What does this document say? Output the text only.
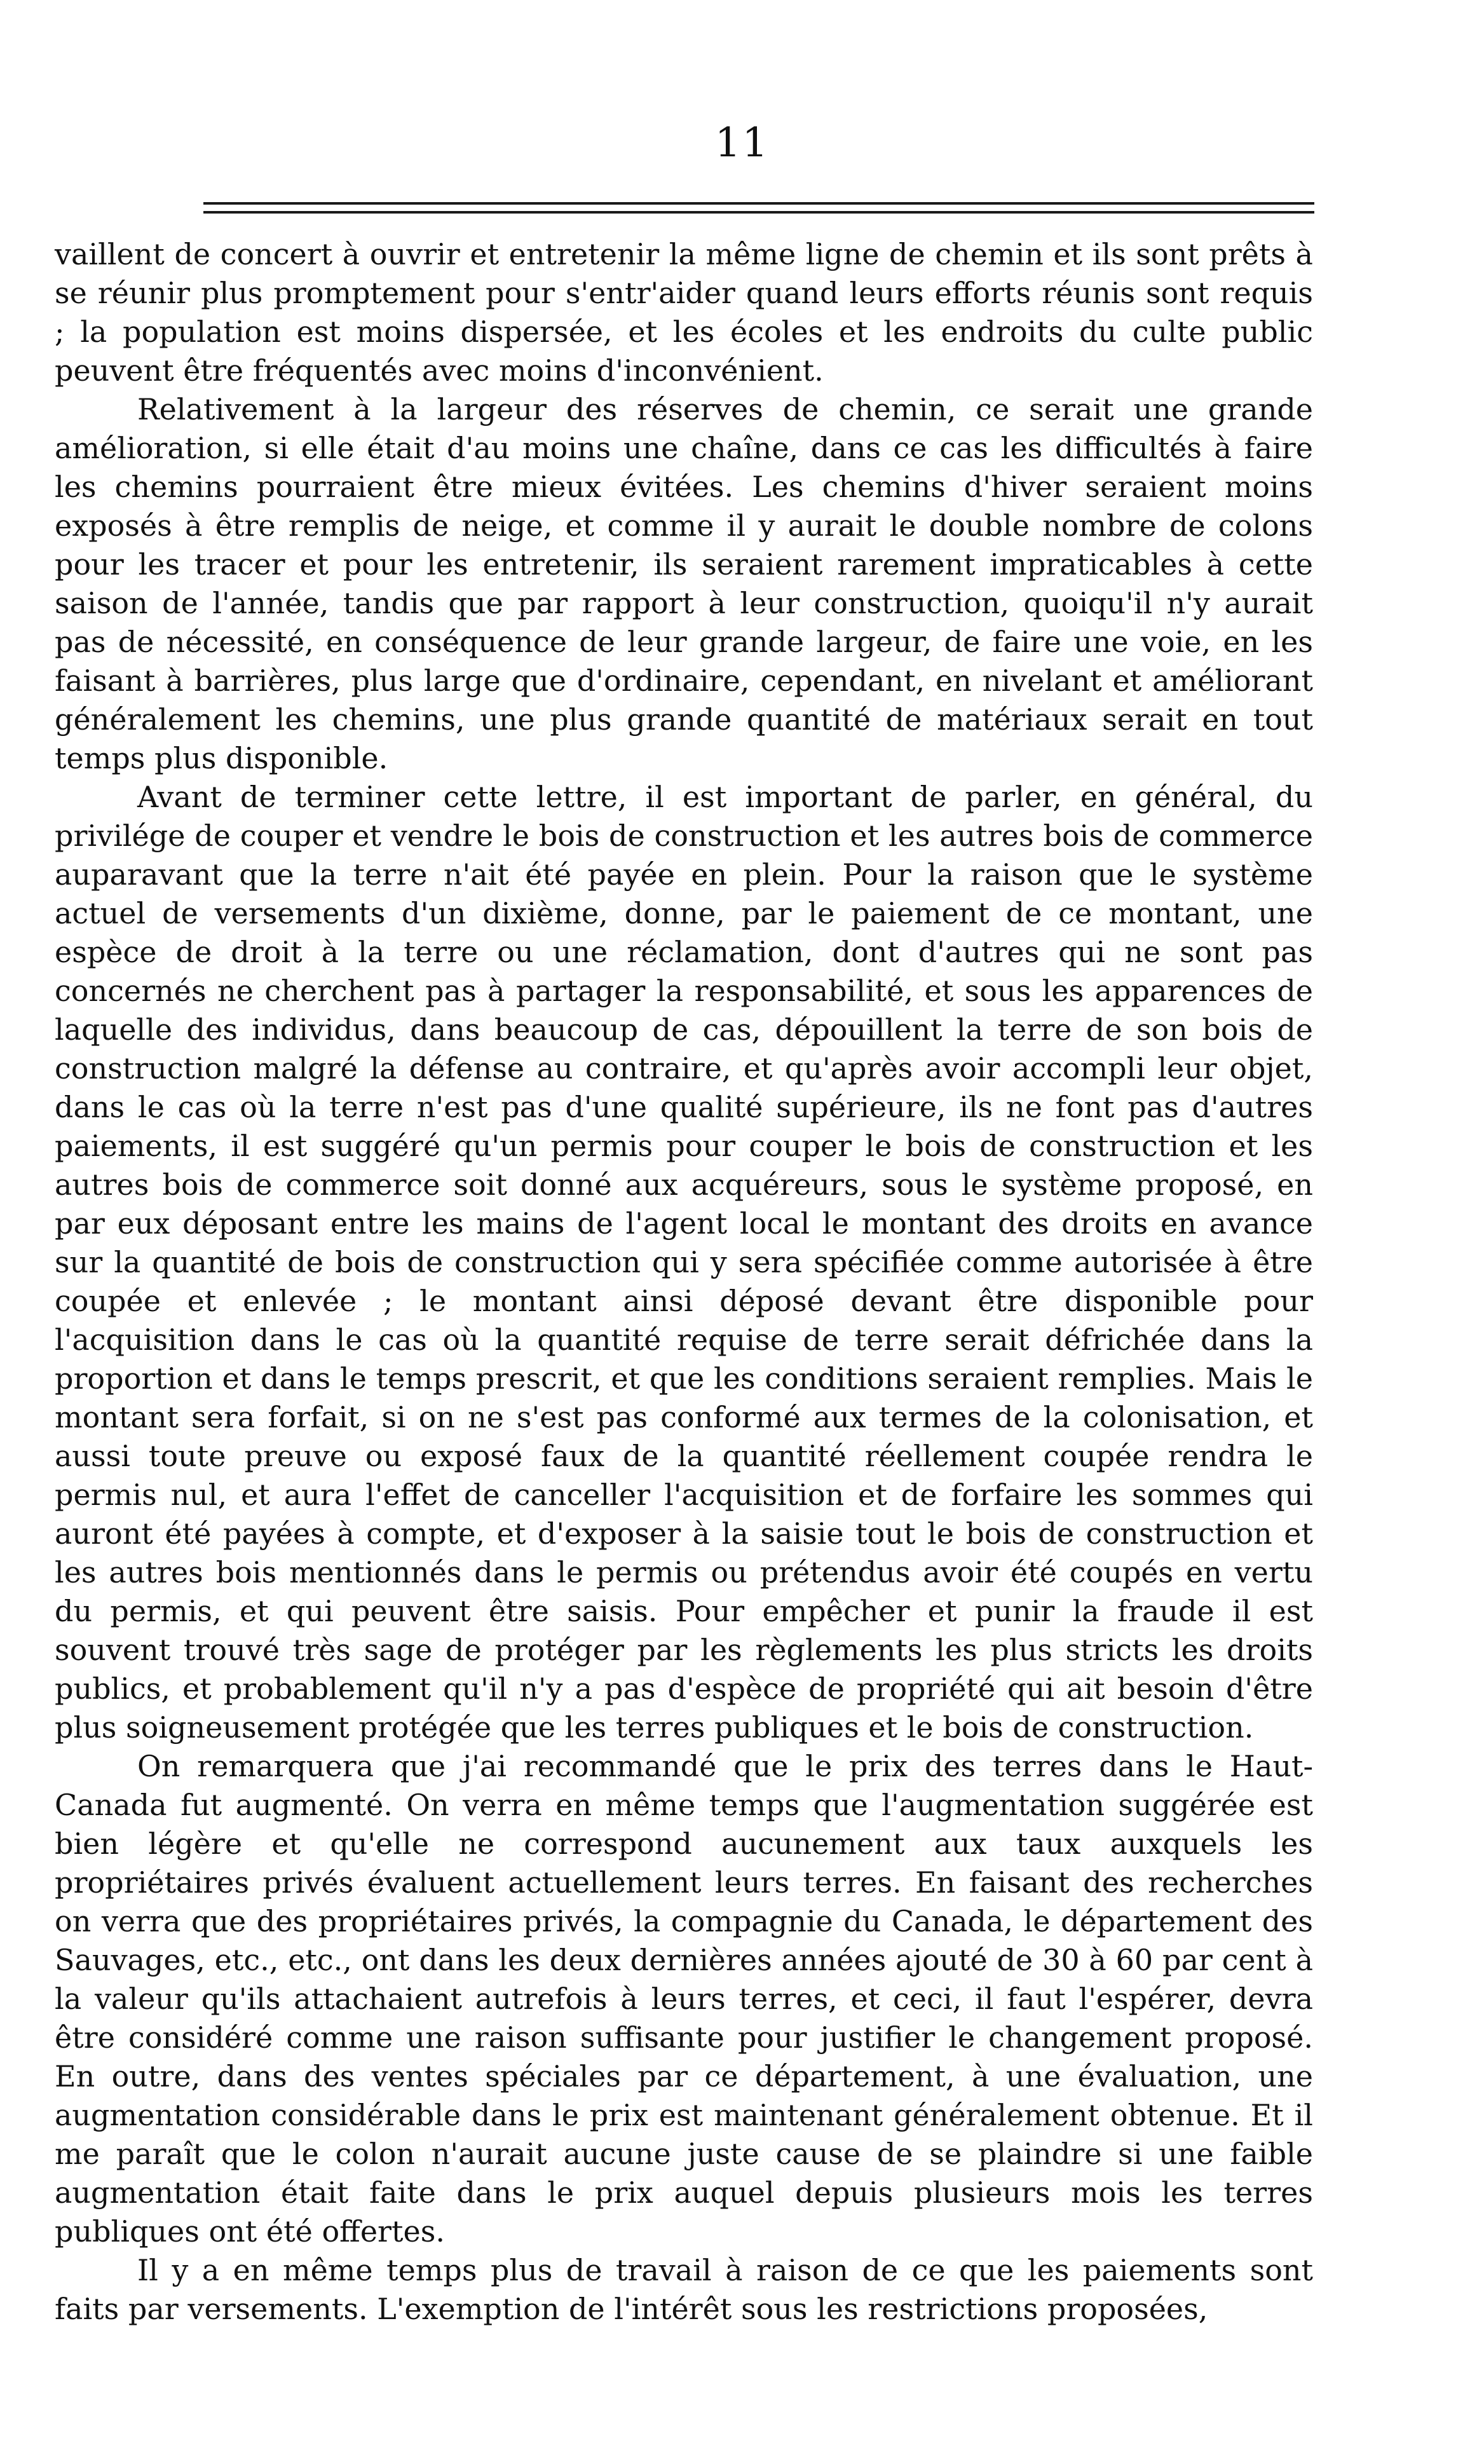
11

vaillent de concert à ouvrir et entretenir la même ligne de chemin et ils sont prêts à se réunir plus promptement pour s'entr'aider quand leurs efforts réunis sont requis ; la population est moins dispersée, et les écoles et les endroits du culte public peuvent être fréquentés avec moins d'inconvénient.

Relativement à la largeur des réserves de chemin, ce serait une grande amélioration, si elle était d'au moins une chaîne, dans ce cas les difficultés à faire les chemins pourraient être mieux évitées. Les chemins d'hiver seraient moins exposés à être remplis de neige, et comme il y aurait le double nombre de colons pour les tracer et pour les entretenir, ils seraient rarement impraticables à cette saison de l'année, tandis que par rapport à leur construction, quoiqu'il n'y aurait pas de nécessité, en conséquence de leur grande largeur, de faire une voie, en les faisant à barrières, plus large que d'ordinaire, cependant, en nivelant et améliorant généralement les chemins, une plus grande quantité de matériaux serait en tout temps plus disponible.

Avant de terminer cette lettre, il est important de parler, en général, du privilége de couper et vendre le bois de construction et les autres bois de commerce auparavant que la terre n'ait été payée en plein. Pour la raison que le système actuel de versements d'un dixième, donne, par le paiement de ce montant, une espèce de droit à la terre ou une réclamation, dont d'autres qui ne sont pas concernés ne cherchent pas à partager la responsabilité, et sous les apparences de laquelle des individus, dans beaucoup de cas, dépouillent la terre de son bois de construction malgré la défense au contraire, et qu'après avoir accompli leur objet, dans le cas où la terre n'est pas d'une qualité supérieure, ils ne font pas d'autres paiements, il est suggéré qu'un permis pour couper le bois de construction et les autres bois de commerce soit donné aux acquéreurs, sous le système proposé, en par eux déposant entre les mains de l'agent local le montant des droits en avance sur la quantité de bois de construction qui y sera spécifiée comme autorisée à être coupée et enlevée ; le montant ainsi déposé devant être disponible pour l'acquisition dans le cas où la quantité requise de terre serait défrichée dans la proportion et dans le temps prescrit, et que les conditions seraient remplies. Mais le montant sera forfait, si on ne s'est pas conformé aux termes de la colonisation, et aussi toute preuve ou exposé faux de la quantité réellement coupée rendra le permis nul, et aura l'effet de canceller l'acquisition et de forfaire les sommes qui auront été payées à compte, et d'exposer à la saisie tout le bois de construction et les autres bois mentionnés dans le permis ou prétendus avoir été coupés en vertu du permis, et qui peuvent être saisis. Pour empêcher et punir la fraude il est souvent trouvé très sage de protéger par les règlements les plus stricts les droits publics, et probablement qu'il n'y a pas d'espèce de propriété qui ait besoin d'être plus soigneusement protégée que les terres publiques et le bois de construction.

On remarquera que j'ai recommandé que le prix des terres dans le Haut-Canada fut augmenté. On verra en même temps que l'augmentation suggérée est bien légère et qu'elle ne correspond aucunement aux taux auxquels les propriétaires privés évaluent actuellement leurs terres. En faisant des recherches on verra que des propriétaires privés, la compagnie du Canada, le département des Sauvages, etc., etc., ont dans les deux dernières années ajouté de 30 à 60 par cent à la valeur qu'ils attachaient autrefois à leurs terres, et ceci, il faut l'espérer, devra être considéré comme une raison suffisante pour justifier le changement proposé. En outre, dans des ventes spéciales par ce département, à une évaluation, une augmentation considérable dans le prix est maintenant généralement obtenue. Et il me paraît que le colon n'aurait aucune juste cause de se plaindre si une faible augmentation était faite dans le prix auquel depuis plusieurs mois les terres publiques ont été offertes.

Il y a en même temps plus de travail à raison de ce que les paiements sont faits par versements. L'exemption de l'intérêt sous les restrictions proposées,
